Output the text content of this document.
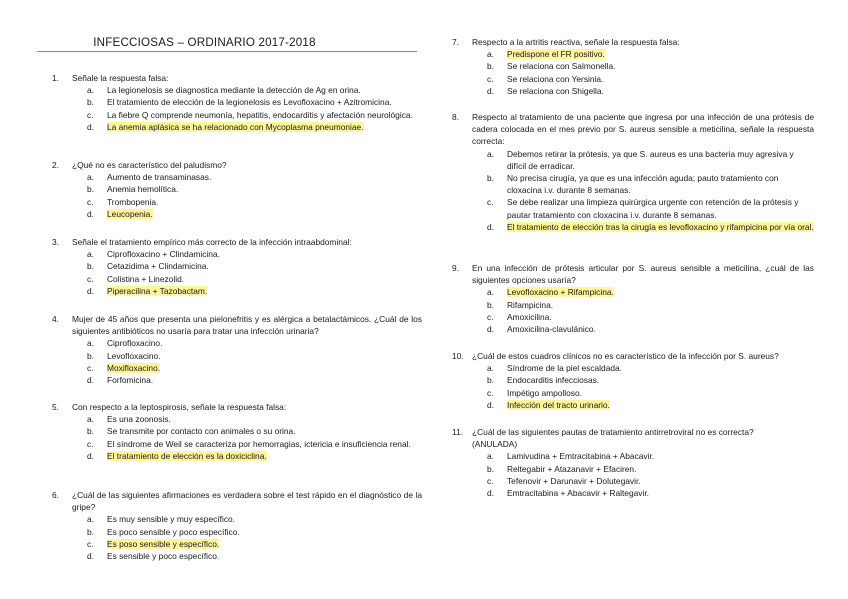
INFECCIOSAS – ORDINARIO 2017-2018
1.	Señale la respuesta falsa:
a.	La legionelosis se diagnostica mediante la detección de Ag en orina.
b.	El tratamiento de elección de la legionelosis es Levofloxacino + Azitromicina.
c.	La fiebre Q comprende neumonía, hepatitis, endocarditis y afectación neurológica.
d.	La anemia aplásica se ha relacionado con Mycoplasma pneumoniae.
2.	¿Qué no es característico del paludismo?
a.	Aumento de transaminasas.
b.	Anemia hemolítica.
c.	Trombopenia.
d.	Leucopenia.
3.	Señale el tratamiento empírico más correcto de la infección intraabdominal:
a.	Ciprofloxacino + Clindamicina.
b.	Cetazidima + Clindamicina.
c.	Colistina + Linezolid.
d.	Piperacilina + Tazobactam.
4.	Mujer de 45 años que presenta una pielonefritis y es alérgica a betalactámicos. ¿Cuál de los siguientes antibióticos no usaría para tratar una infección urinaria?
a.	Ciprofloxacino.
b.	Levofloxacino.
c.	Moxifloxacino.
d.	Forfomicina.
5.	Con respecto a la leptospirosis, señale la respuesta falsa:
a.	Es una zoonosis.
b.	Se transmite por contacto con animales o su orina.
c.	El síndrome de Weil se caracteriza por hemorragias, ictericia e insuficiencia renal.
d.	El tratamiento de elección es la doxiciclina.
6.	¿Cuál de las siguientes afirmaciones es verdadera sobre el test rápido en el diagnóstico de la gripe?
a.	Es muy sensible y muy específico.
b.	Es poco sensible y poco específico.
c.	Es poso sensible y específico.
d.	Es sensible y poco específico.
7.	Respecto a la artritis reactiva, señale la respuesta falsa:
a.	Predispone el FR positivo.
b.	Se relaciona con Salmonella.
c.	Se relaciona con Yersinia.
d.	Se relaciona con Shigella.
8.	Respecto al tratamiento de una paciente que ingresa por una infección de una prótesis de cadera colocada en el mes previo por S. aureus sensible a meticilina, señale la respuesta correcta:
a.	Debemos retirar la prótesis, ya que S. aureus es una bacteria muy agresiva y difícil de erradicar.
b.	No precisa cirugía, ya que es una infección aguda; pauto tratamiento con cloxacina i.v. durante 8 semanas.
c.	Se debe realizar una limpieza quirúrgica urgente con retención de la prótesis y pautar tratamiento con cloxacina i.v. durante 8 semanas.
d.	El tratamiento de elección tras la cirugía es levofloxacino y rifampicina por vía oral.
9.	En una infección de prótesis articular por S. aureus sensible a meticilina, ¿cuál de las siguientes opciones usaría?
a.	Levofloxacino + Rifampicina.
b.	Rifampicina.
c.	Amoxicilina.
d.	Amoxicilina-clavulánico.
10. ¿Cuál de estos cuadros clínicos no es característico de la infección por S. aureus?
a.	Síndrome de la piel escaldada.
b.	Endocarditis infecciosas.
c.	Impétigo ampolloso.
d.	Infección del tracto urinario.
11.	¿Cuál de las siguientes pautas de tratamiento antirretroviral no es correcta?
(ANULADA)
a.	Lamivudina + Emtracitabina + Abacavir.
b.	Reltegabir + Atazanavir + Efaciren.
c.	Tefenovir + Darunavir + Dolutegavir.
d.	Emtracitabina + Abacavir + Raltegavir.
